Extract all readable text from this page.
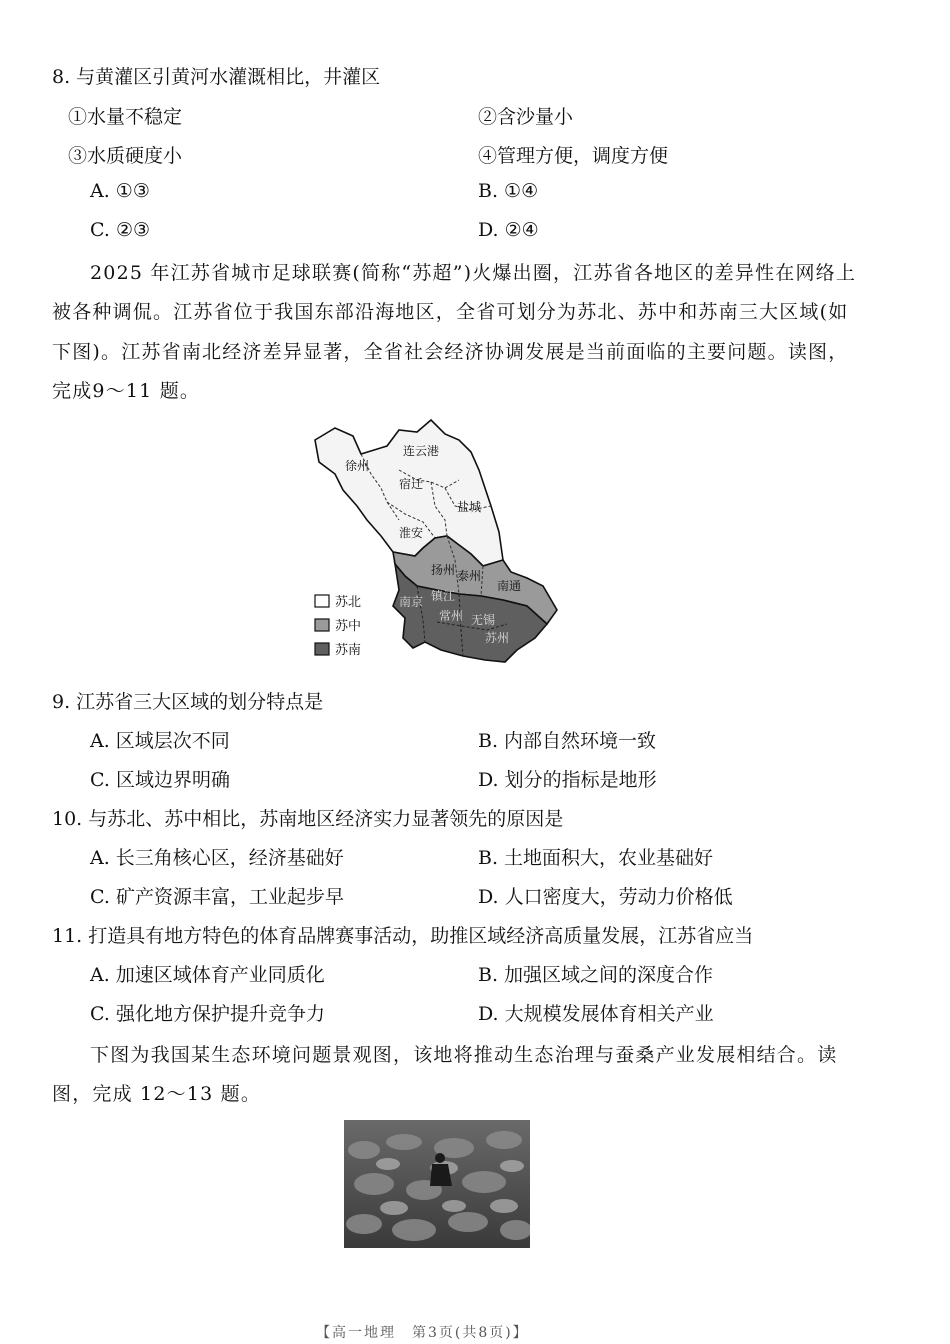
8. 与黄灌区引黄河水灌溉相比，井灌区
①水量不稳定	②含沙量小
③水质硬度小	④管理方便，调度方便
A. ①③	B. ①④
C. ②③	D. ②④
2025 年江苏省城市足球联赛(简称“苏超”)火爆出圈，江苏省各地区的差异性在网络上
被各种调侃。江苏省位于我国东部沿海地区，全省可划分为苏北、苏中和苏南三大区域(如
下图)。江苏省南北经济差异显著，全省社会经济协调发展是当前面临的主要问题。读图，
完成9～11 题。
连云港
徐州
宿迁
盐城
淮安
扬州 泰州
南通
南京 镇江
常州 无锡
苏州
苏北
苏中
苏南
9. 江苏省三大区域的划分特点是
A. 区域层次不同	B. 内部自然环境一致
C. 区域边界明确	D. 划分的指标是地形
10. 与苏北、苏中相比，苏南地区经济实力显著领先的原因是
A. 长三角核心区，经济基础好	B. 土地面积大，农业基础好
C. 矿产资源丰富，工业起步早	D. 人口密度大，劳动力价格低
11. 打造具有地方特色的体育品牌赛事活动，助推区域经济高质量发展，江苏省应当
A. 加速区域体育产业同质化	B. 加强区域之间的深度合作
C. 强化地方保护提升竞争力	D. 大规模发展体育相关产业
下图为我国某生态环境问题景观图，该地将推动生态治理与蚕桑产业发展相结合。读
图，完成 12～13 题。
【高一地理　第3页(共8页)】
